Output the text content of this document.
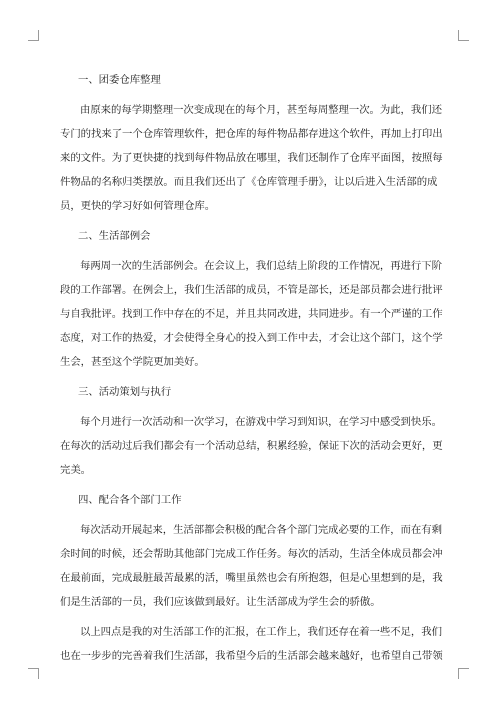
一、团委仓库整理

由原来的每学期整理一次变成现在的每个月，甚至每周整理一次。为此，我们还
专门的找来了一个仓库管理软件，把仓库的每件物品都存进这个软件，再加上打印出
来的文件。为了更快捷的找到每件物品放在哪里，我们还制作了仓库平面图，按照每
件物品的名称归类摆放。而且我们还出了《仓库管理手册》，让以后进入生活部的成
员，更快的学习好如何管理仓库。

二、生活部例会

每两周一次的生活部例会。在会议上，我们总结上阶段的工作情况，再进行下阶
段的工作部署。在例会上，我们生活部的成员，不管是部长，还是部员都会进行批评
与自我批评。找到工作中存在的不足，并且共同改进，共同进步。有一个严谨的工作
态度，对工作的热爱，才会使得全身心的投入到工作中去，才会让这个部门，这个学
生会，甚至这个学院更加美好。

三、活动策划与执行

每个月进行一次活动和一次学习，在游戏中学习到知识，在学习中感受到快乐。
在每次的活动过后我们都会有一个活动总结，积累经验，保证下次的活动会更好，更
完美。

四、配合各个部门工作

每次活动开展起来，生活部都会积极的配合各个部门完成必要的工作，而在有剩
余时间的时候，还会帮助其他部门完成工作任务。每次的活动，生活全体成员都会冲
在最前面，完成最脏最苦最累的活，嘴里虽然也会有所抱怨，但是心里想到的是，我
们是生活部的一员，我们应该做到最好。让生活部成为学生会的骄傲。

以上四点是我的对生活部工作的汇报，在工作上，我们还存在着一些不足，我们
也在一步步的完善着我们生活部，我希望今后的生活部会越来越好，也希望自己带领
